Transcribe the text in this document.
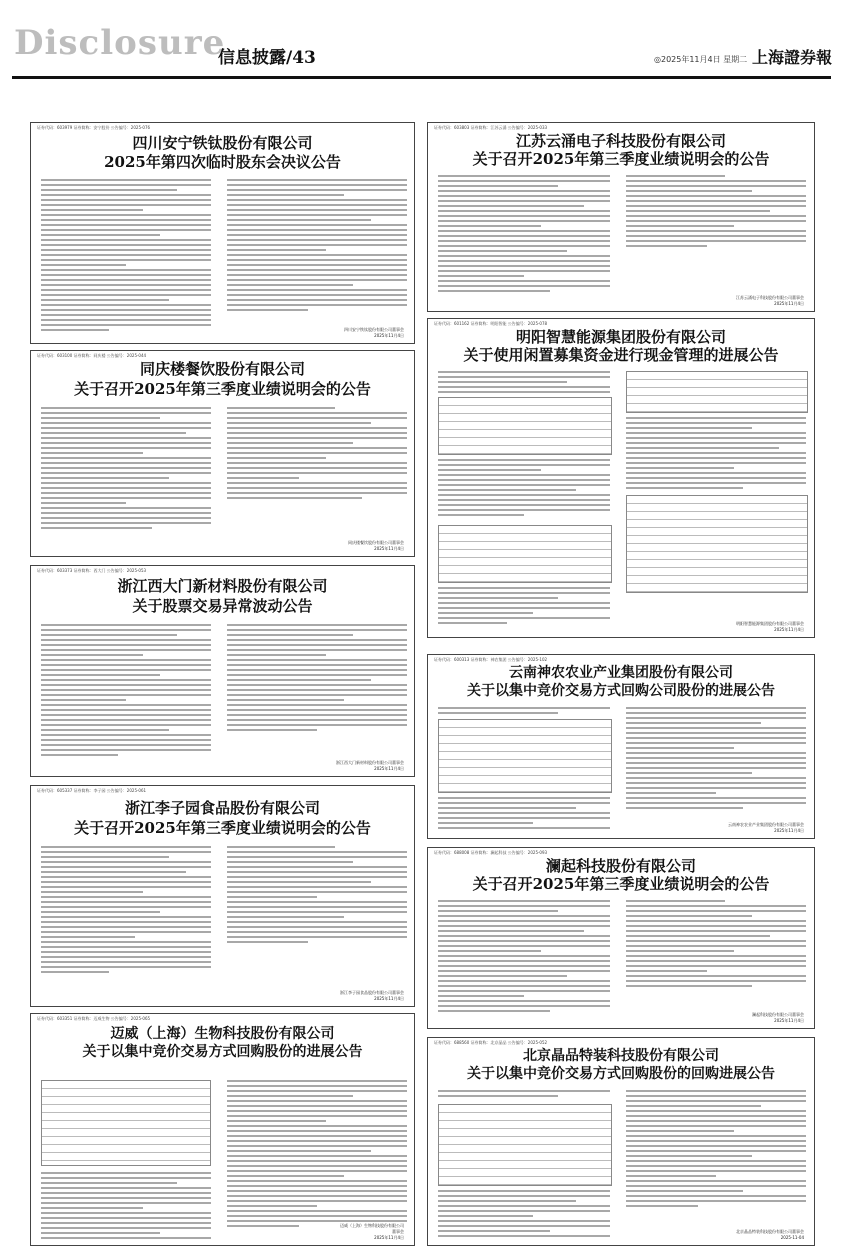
Disclosure
信息披露/43	◎2025年11月4日 星期二 上海證券報
证券代码：603979 证券简称：安宁股份 公告编号：2025-076
四川安宁铁钛股份有限公司
2025年第四次临时股东会决议公告
四川安宁铁钛股份有限公司董事会
2025年11月4日
证券代码：603100 证券简称：同庆楼 公告编号：2025-044
同庆楼餐饮股份有限公司
关于召开2025年第三季度业绩说明会的公告
同庆楼餐饮股份有限公司董事会
2025年11月4日
证券代码：603373 证券简称：西大门 公告编号：2025-053
浙江西大门新材料股份有限公司
关于股票交易异常波动公告
浙江西大门新材料股份有限公司董事会
2025年11月4日
证券代码：605337 证券简称：李子园 公告编号：2025-061
浙江李子园食品股份有限公司
关于召开2025年第三季度业绩说明会的公告
浙江李子园食品股份有限公司董事会
2025年11月4日
证券代码：603351 证券简称：迈威生物 公告编号：2025-065
迈威（上海）生物科技股份有限公司
关于以集中竞价交易方式回购股份的进展公告
迈威（上海）生物科技股份有限公司
董事会
2025年11月4日
证券代码：603803 证券简称：江苏云涌 公告编号：2025-033
江苏云涌电子科技股份有限公司
关于召开2025年第三季度业绩说明会的公告
江苏云涌电子科技股份有限公司董事会
2025年11月4日
证券代码：601162 证券简称：明阳智能 公告编号：2025-078
明阳智慧能源集团股份有限公司
关于使用闲置募集资金进行现金管理的进展公告
明阳智慧能源集团股份有限公司董事会
2025年11月4日
证券代码：600313 证券简称：神农集团 公告编号：2025-102
云南神农农业产业集团股份有限公司
关于以集中竞价交易方式回购公司股份的进展公告
云南神农农业产业集团股份有限公司董事会
2025年11月4日
证券代码：688008 证券简称：澜起科技 公告编号：2025-093
澜起科技股份有限公司
关于召开2025年第三季度业绩说明会的公告
澜起科技股份有限公司董事会
2025年11月4日
证券代码：688560 证券简称：北京晶品 公告编号：2025-052
北京晶品特装科技股份有限公司
关于以集中竞价交易方式回购股份的回购进展公告
北京晶品特装科技股份有限公司董事会
2025-11-04
